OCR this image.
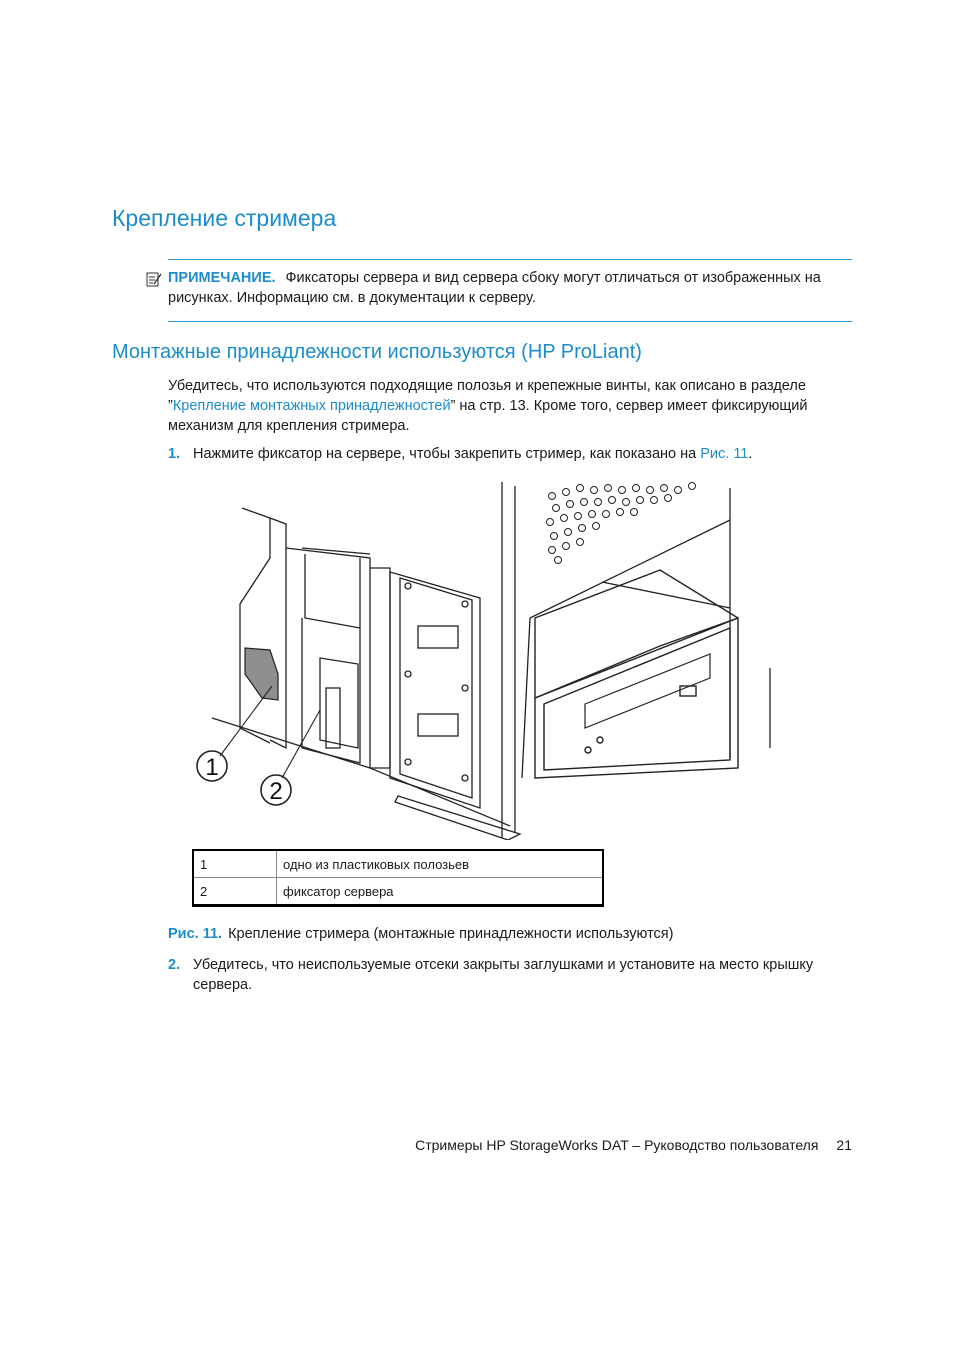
Крепление стримера
ПРИМЕЧАНИЕ. Фиксаторы сервера и вид сервера сбоку могут отличаться от изображенных на рисунках. Информацию см. в документации к серверу.
Монтажные принадлежности используются (HP ProLiant)
Убедитесь, что используются подходящие полозья и крепежные винты, как описано в разделе ”Крепление монтажных принадлежностей” на стр. 13. Кроме того, сервер имеет фиксирующий механизм для крепления стримера.
1. Нажмите фиксатор на сервере, чтобы закрепить стример, как показано на Рис. 11.
1
2
1	одно из пластиковых полозьев
2	фиксатор сервера
Рис. 11. Крепление стримера (монтажные принадлежности используются)
2. Убедитесь, что неиспользуемые отсеки закрыты заглушками и установите на место крышку сервера.
Стримеры HP StorageWorks DAT – Руководство пользователя 21
